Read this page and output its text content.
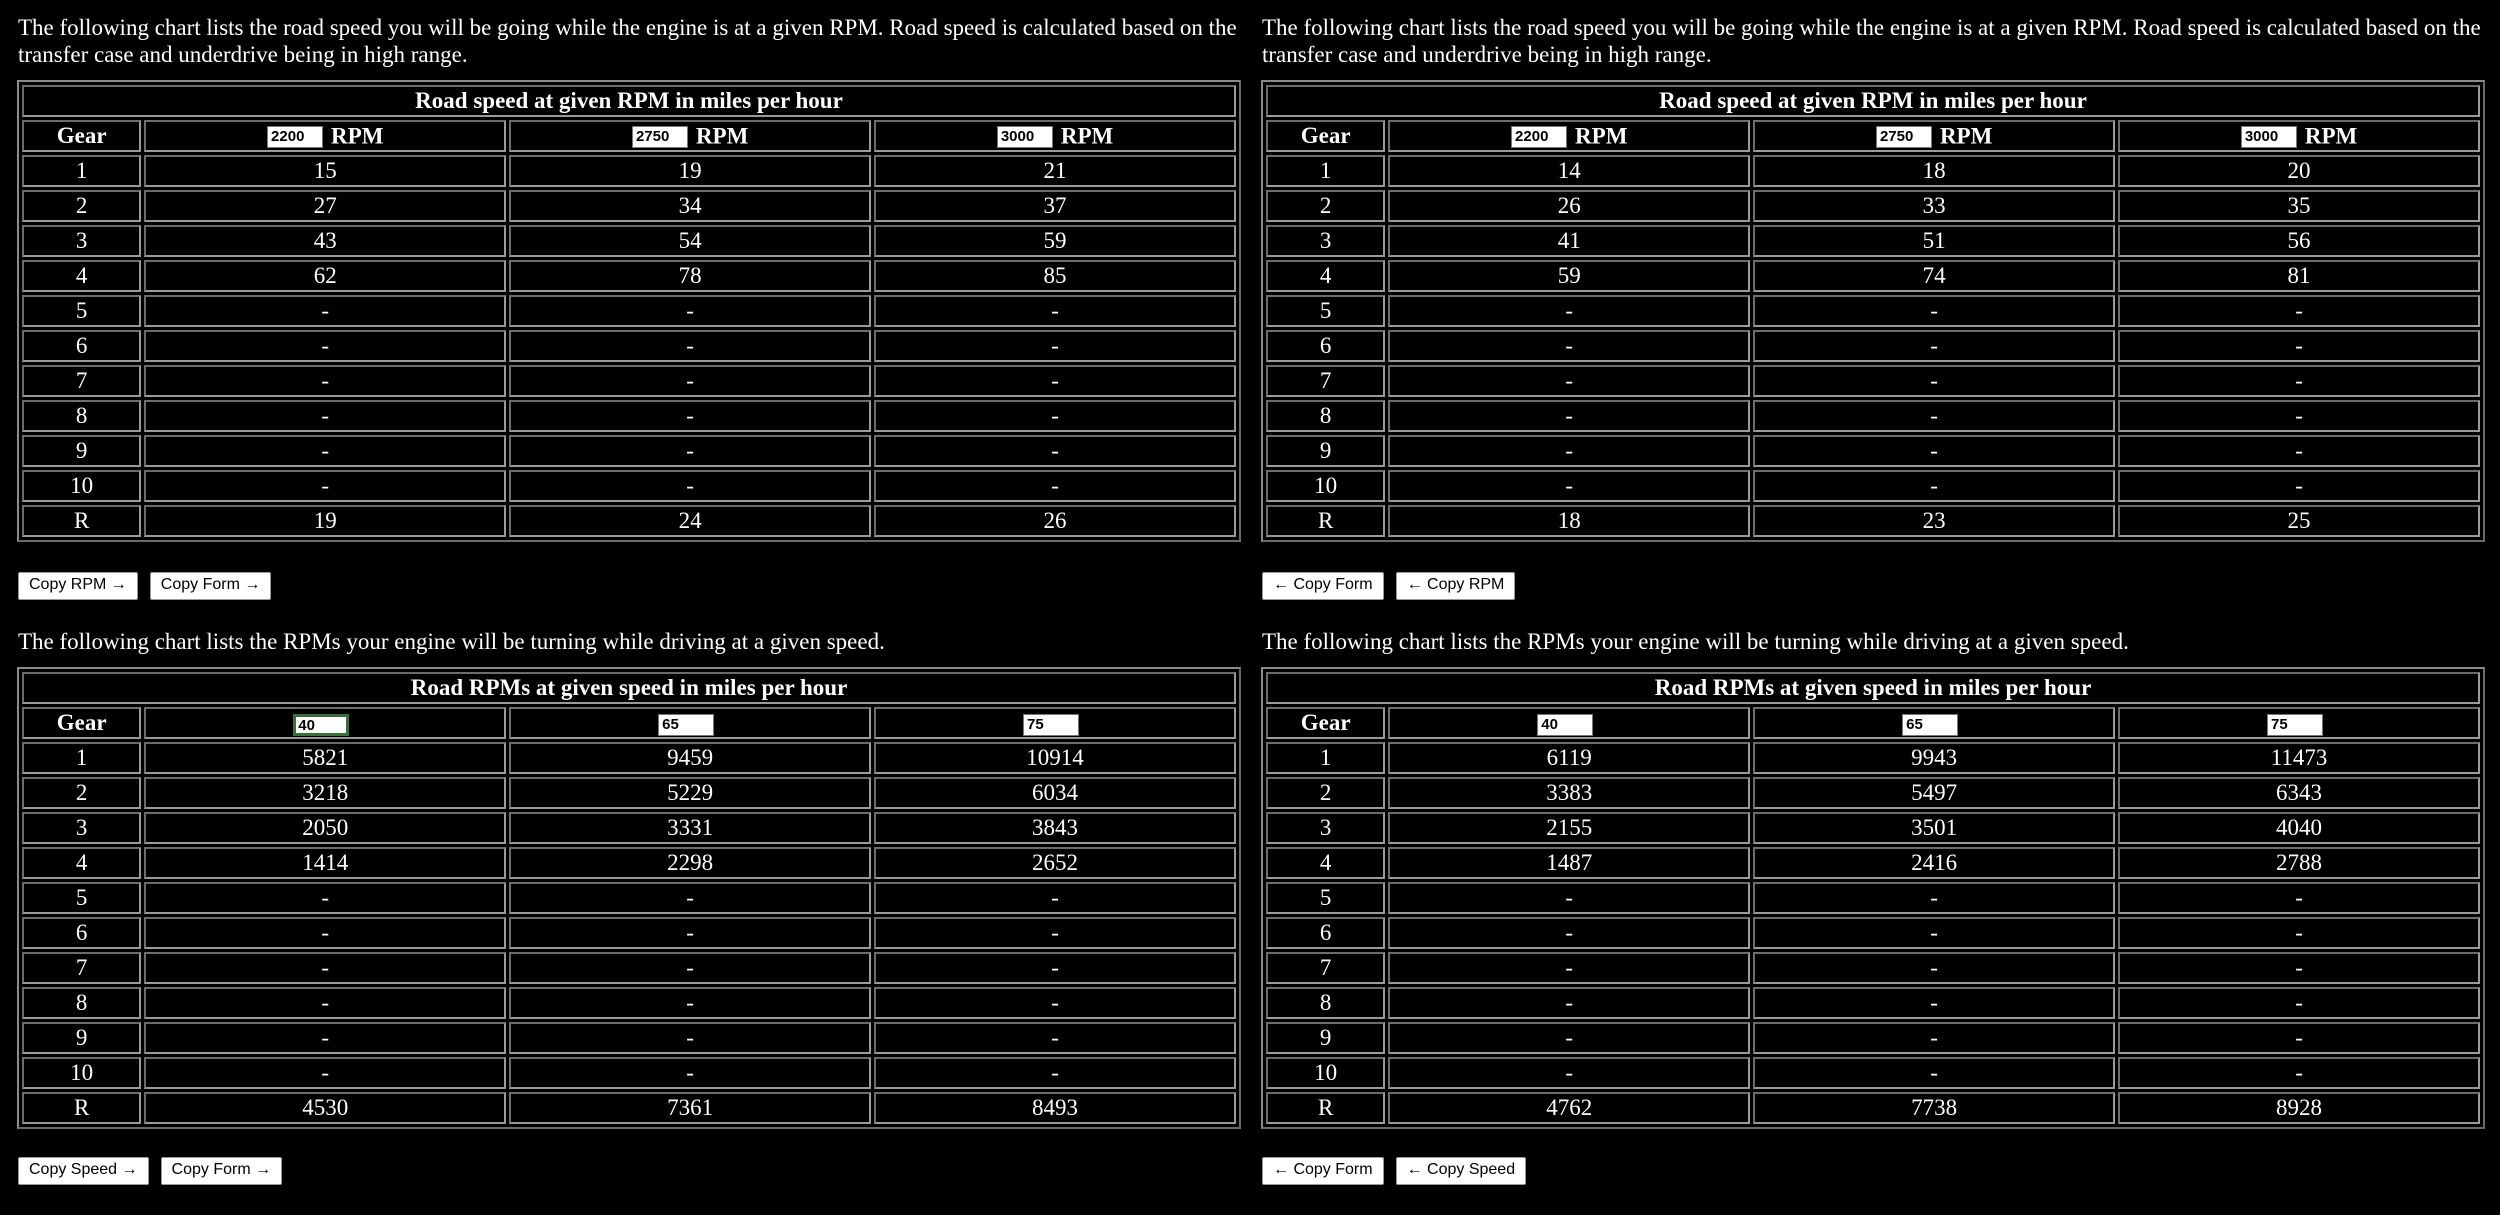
The following chart lists the road speed you will be going while the engine is at a given RPM. Road speed is calculated based on the transfer case and underdrive being in high range.

Road speed at given RPM in miles per hour			
Gear	2200 RPM	2750 RPM	3000 RPM
1	15	19	21
2	27	34	37
3	43	54	59
4	62	78	85
5	-	-	-
6	-	-	-
7	-	-	-
8	-	-	-
9	-	-	-
10	-	-	-
R	19	24	26
Copy RPM → Copy Form →

The following chart lists the RPMs your engine will be turning while driving at a given speed.

Road RPMs at given speed in miles per hour			
Gear	40	65	75
1	5821	9459	10914
2	3218	5229	6034
3	2050	3331	3843
4	1414	2298	2652
5	-	-	-
6	-	-	-
7	-	-	-
8	-	-	-
9	-	-	-
10	-	-	-
R	4530	7361	8493
Copy Speed → Copy Form →

The following chart lists the road speed you will be going while the engine is at a given RPM. Road speed is calculated based on the transfer case and underdrive being in high range.

Road speed at given RPM in miles per hour			
Gear	2200 RPM	2750 RPM	3000 RPM
1	14	18	20
2	26	33	35
3	41	51	56
4	59	74	81
5	-	-	-
6	-	-	-
7	-	-	-
8	-	-	-
9	-	-	-
10	-	-	-
R	18	23	25
← Copy Form ← Copy RPM

The following chart lists the RPMs your engine will be turning while driving at a given speed.

Road RPMs at given speed in miles per hour			
Gear	40	65	75
1	6119	9943	11473
2	3383	5497	6343
3	2155	3501	4040
4	1487	2416	2788
5	-	-	-
6	-	-	-
7	-	-	-
8	-	-	-
9	-	-	-
10	-	-	-
R	4762	7738	8928
← Copy Form ← Copy Speed
